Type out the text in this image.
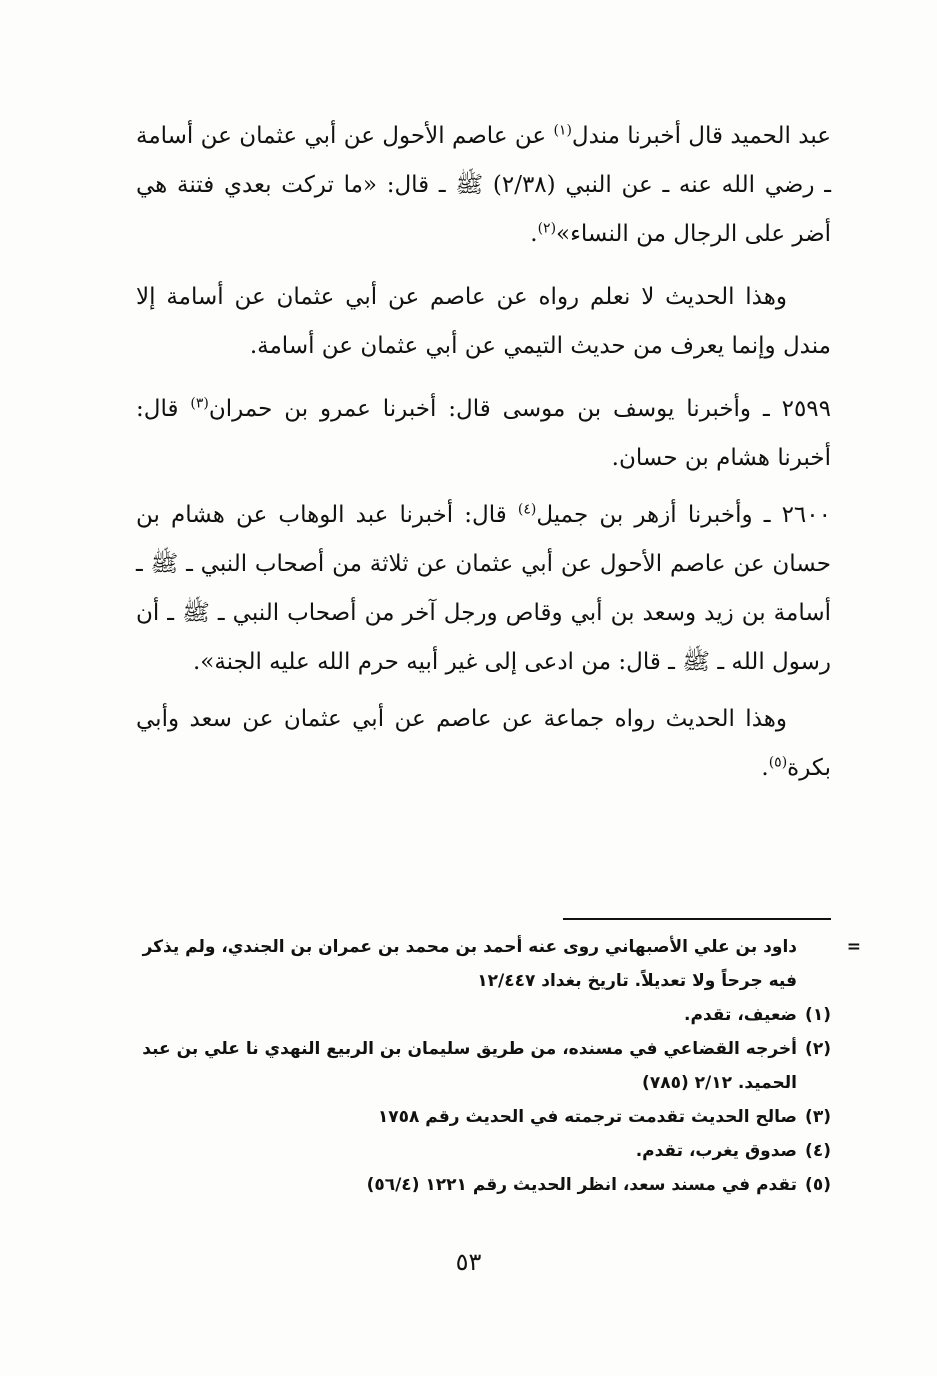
عبد الحميد قال أخبرنا مندل$^{(١)}$ عن عاصم الأحول عن أبي عثمان عن أسامة ـ رضي الله عنه ـ عن النبي (٢/٣٨) ﷺ ـ قال: «ما تركت بعدي فتنة هي أضر على الرجال من النساء»$^{(٢)}$.

وهذا الحديث لا نعلم رواه عن عاصم عن أبي عثمان عن أسامة إلا مندل وإنما يعرف من حديث التيمي عن أبي عثمان عن أسامة.

٢٥٩٩ ـ وأخبرنا يوسف بن موسى قال: أخبرنا عمرو بن حمران$^{(٣)}$ قال: أخبرنا هشام بن حسان.

٢٦٠٠ ـ وأخبرنا أزهر بن جميل$^{(٤)}$ قال: أخبرنا عبد الوهاب عن هشام بن حسان عن عاصم الأحول عن أبي عثمان عن ثلاثة من أصحاب النبي ـ ﷺ ـ أسامة بن زيد وسعد بن أبي وقاص ورجل آخر من أصحاب النبي ـ ﷺ ـ أن رسول الله ـ ﷺ ـ قال: من ادعى إلى غير أبيه حرم الله عليه الجنة».

وهذا الحديث رواه جماعة عن عاصم عن أبي عثمان عن سعد وأبي بكرة$^{(٥)}$.

=
داود بن علي الأصبهاني روى عنه أحمد بن محمد بن عمران بن الجندي، ولم يذكر فيه جرحاً ولا تعديلاً. تاريخ بغداد ١٢/٤٤٧

(١)
ضعيف، تقدم.

(٢)
أخرجه القضاعي في مسنده، من طريق سليمان بن الربيع النهدي نا علي بن عبد الحميد. ٢/١٢ (٧٨٥)

(٣)
صالح الحديث تقدمت ترجمته في الحديث رقم ١٧٥٨

(٤)
صدوق يغرب، تقدم.

(٥)
تقدم في مسند سعد، انظر الحديث رقم ١٢٢١ (٥٦/٤)

٥٣
